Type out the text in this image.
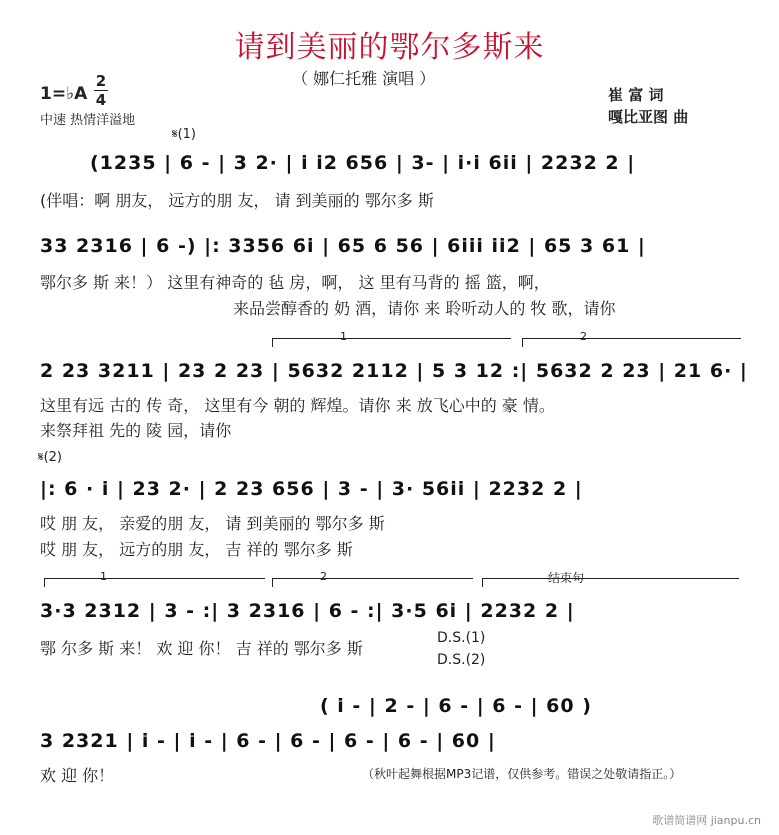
请到美丽的鄂尔多斯来
（ 娜仁托雅 演唱 ）
1=♭A
2
4
中速 热情洋溢地
崔 富 词
嘎比亚图 曲
𝄋(1)
(1235 | 6 - | 3 2· | i i2 656 | 3- | i·i 6ii | 2232 2 |
(伴唱：啊 朋友， 远方的朋 友， 请 到美丽的 鄂尔多 斯
33 2316 | 6 -) |: 3356 6i | 65 6 56 | 6iii ii2 | 65 3 61 |
鄂尔多 斯 来！） 这里有神奇的 毡 房，啊， 这 里有马背的 摇 篮，啊，
来品尝醇香的 奶 酒，请你 来 聆听动人的 牧 歌，请你
1	2
2 23 3211 | 23 2 23 | 5632 2112 | 5 3 12 :| 5632 2 23 | 21 6· |
这里有远 古的 传 奇， 这里有今 朝的 辉煌。请你 来 放飞心中的 豪 情。
来祭拜祖 先的 陵 园，请你
𝄋(2)
|: 6 · i | 23 2· | 2 23 656 | 3 - | 3· 56ii | 2232 2 |
哎 朋 友， 亲爱的朋 友， 请 到美丽的 鄂尔多 斯
哎 朋 友， 远方的朋 友， 吉 祥的 鄂尔多 斯
1	2	结束句
3·3 2312 | 3 - :| 3 2316 | 6 - :| 3·5 6i | 2232 2 |
鄂 尔多 斯 来！ 欢 迎 你！ 吉 祥的 鄂尔多 斯
D.S.(1)
D.S.(2)
( i - | 2 - | 6 - | 6 - | 60 )
3 2321 | i - | i - | 6 - | 6 - | 6 - | 6 - | 60 |
欢 迎 你！	（秋叶起舞根据MP3记谱，仅供参考。错误之处敬请指正。）
歌谱简谱网 jianpu.cn
